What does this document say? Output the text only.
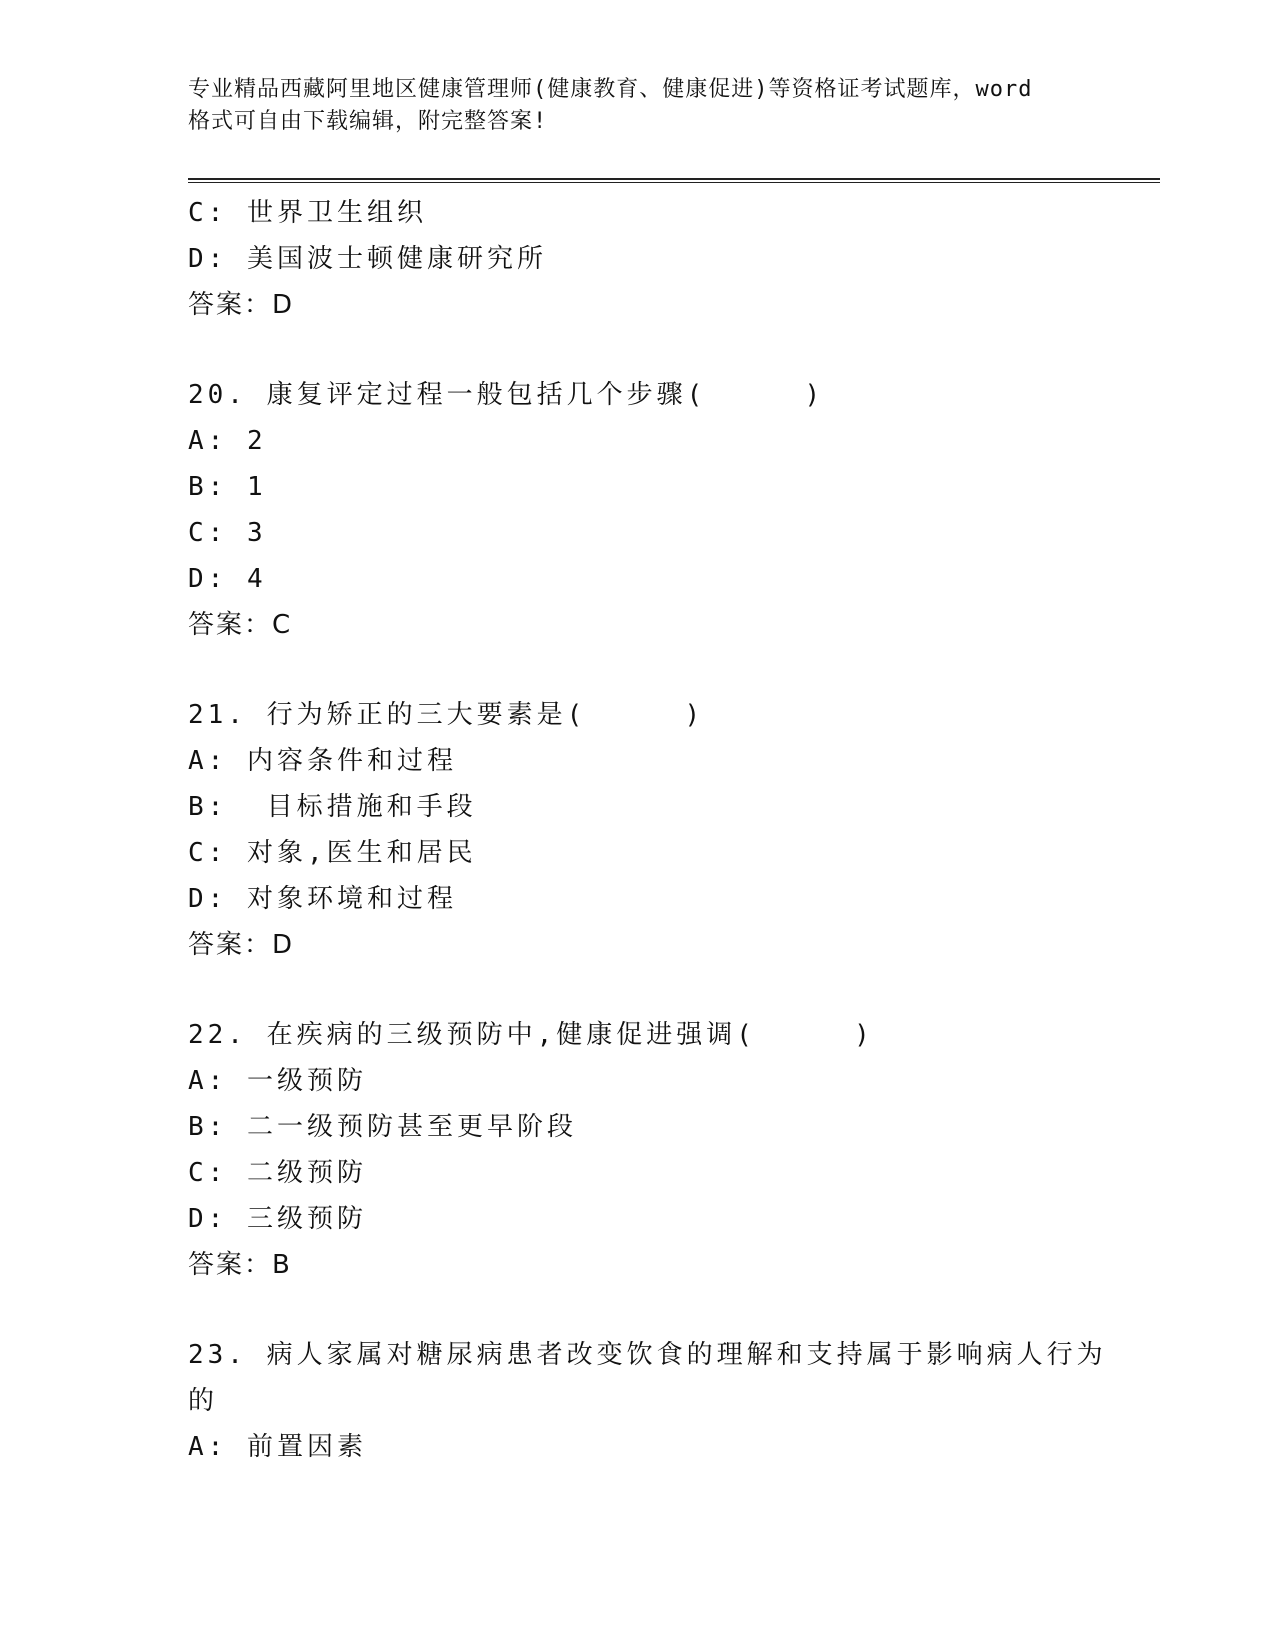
专业精品西藏阿里地区健康管理师(健康教育、健康促进)等资格证考试题库，word
格式可自由下载编辑，附完整答案!
C: 世界卫生组织
D: 美国波士顿健康研究所
答案：D
20. 康复评定过程一般包括几个步骤(     )
A: 2
B: 1
C: 3
D: 4
答案：C
21. 行为矫正的三大要素是(     )
A: 内容条件和过程
B:  目标措施和手段
C: 对象,医生和居民
D: 对象环境和过程
答案：D
22. 在疾病的三级预防中,健康促进强调(     )
A: 一级预防
B: 二一级预防甚至更早阶段
C: 二级预防
D: 三级预防
答案：B
23. 病人家属对糖尿病患者改变饮食的理解和支持属于影响病人行为
的
A: 前置因素
